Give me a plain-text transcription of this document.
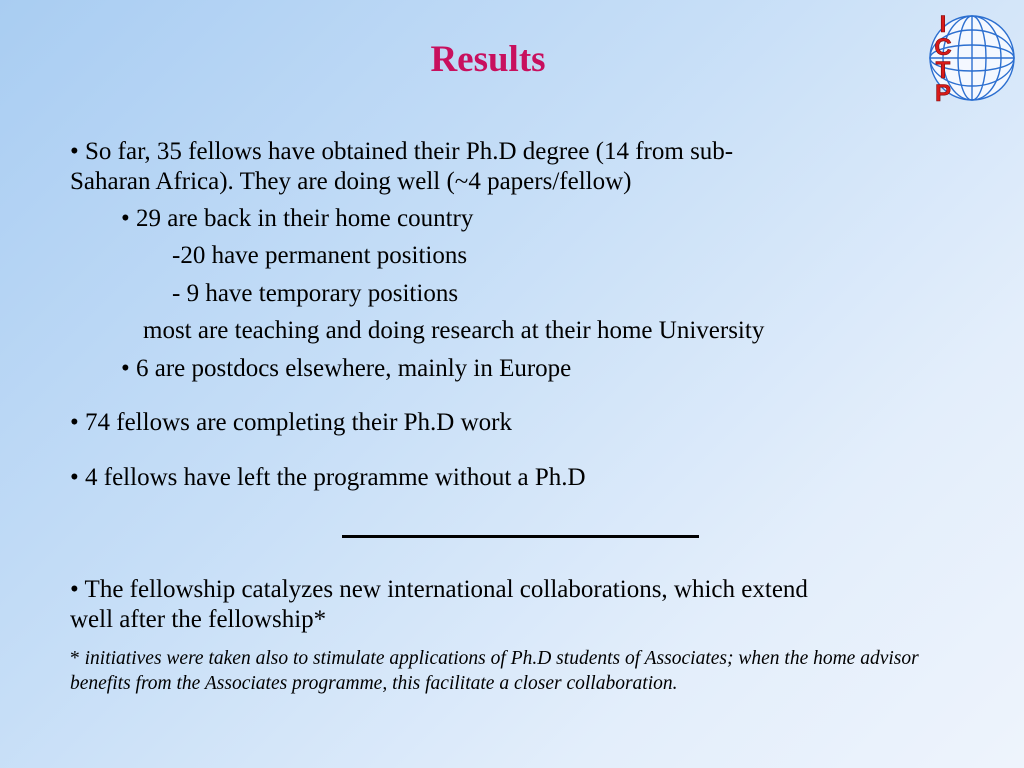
Results
I
C
T
P
• So far, 35 fellows have obtained their Ph.D degree (14 from sub-
Saharan Africa). They are doing well (~4 papers/fellow)
• 29 are back in their home country
-20 have permanent positions
- 9 have temporary positions
most are teaching and doing research at their home University
• 6 are postdocs elsewhere, mainly in Europe
• 74 fellows are completing their Ph.D work
• 4 fellows have left the programme without a Ph.D
• The fellowship catalyzes new international collaborations, which extend
well after the fellowship*
* initiatives were taken also to stimulate applications of Ph.D students of Associates; when the home advisor benefits from the Associates programme, this facilitate a closer collaboration.
